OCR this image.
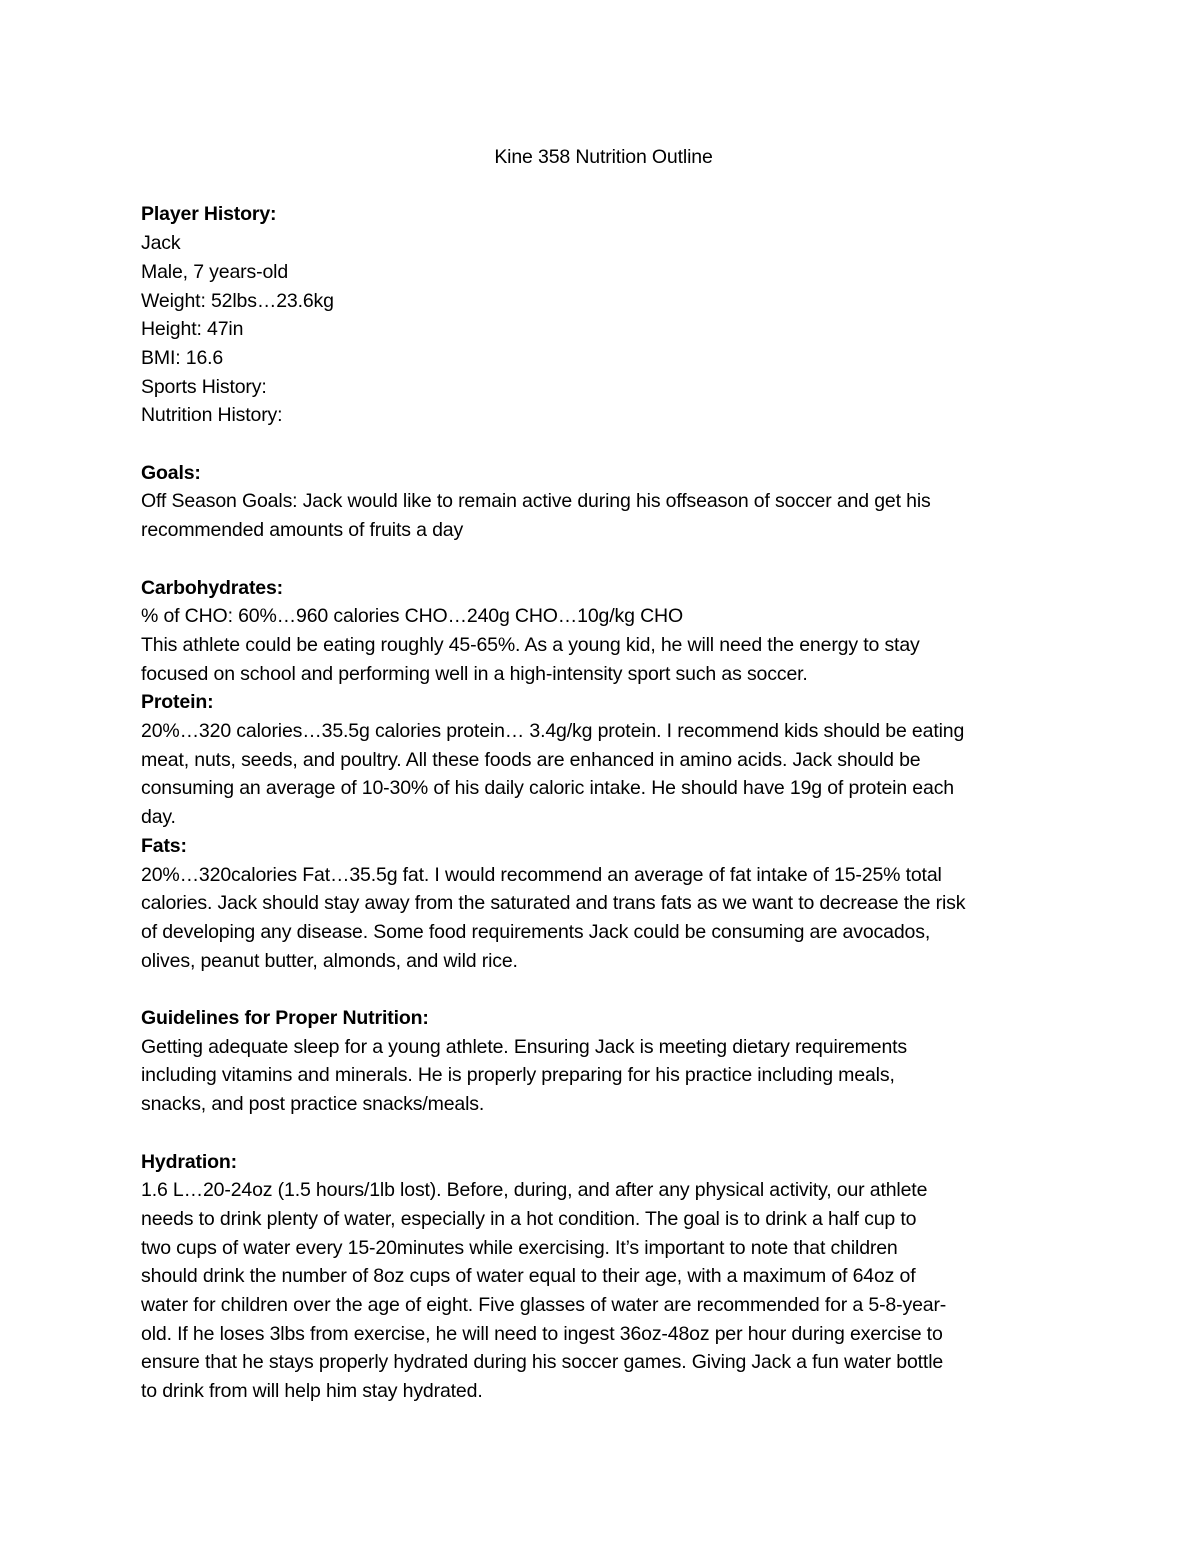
Kine 358 Nutrition Outline

Player History:

Jack

Male, 7 years-old

Weight: 52lbs…23.6kg

Height: 47in

BMI: 16.6

Sports History:

Nutrition History:

Goals:

Off Season Goals: Jack would like to remain active during his offseason of soccer and get his
recommended amounts of fruits a day

Carbohydrates:

% of CHO: 60%…960 calories CHO…240g CHO…10g/kg CHO
This athlete could be eating roughly 45-65%. As a young kid, he will need the energy to stay
focused on school and performing well in a high-intensity sport such as soccer.

Protein:

20%…320 calories…35.5g calories protein… 3.4g/kg protein. I recommend kids should be eating
meat, nuts, seeds, and poultry. All these foods are enhanced in amino acids. Jack should be
consuming an average of 10-30% of his daily caloric intake. He should have 19g of protein each
day.

Fats:

20%…320calories Fat…35.5g fat. I would recommend an average of fat intake of 15-25% total
calories. Jack should stay away from the saturated and trans fats as we want to decrease the risk
of developing any disease. Some food requirements Jack could be consuming are avocados,
olives, peanut butter, almonds, and wild rice.

Guidelines for Proper Nutrition:

Getting adequate sleep for a young athlete. Ensuring Jack is meeting dietary requirements
including vitamins and minerals. He is properly preparing for his practice including meals,
snacks, and post practice snacks/meals.

Hydration:

1.6 L…20-24oz (1.5 hours/1lb lost). Before, during, and after any physical activity, our athlete
needs to drink plenty of water, especially in a hot condition. The goal is to drink a half cup to
two cups of water every 15-20minutes while exercising. It’s important to note that children
should drink the number of 8oz cups of water equal to their age, with a maximum of 64oz of
water for children over the age of eight. Five glasses of water are recommended for a 5-8-year-
old. If he loses 3lbs from exercise, he will need to ingest 36oz-48oz per hour during exercise to
ensure that he stays properly hydrated during his soccer games. Giving Jack a fun water bottle
to drink from will help him stay hydrated.
